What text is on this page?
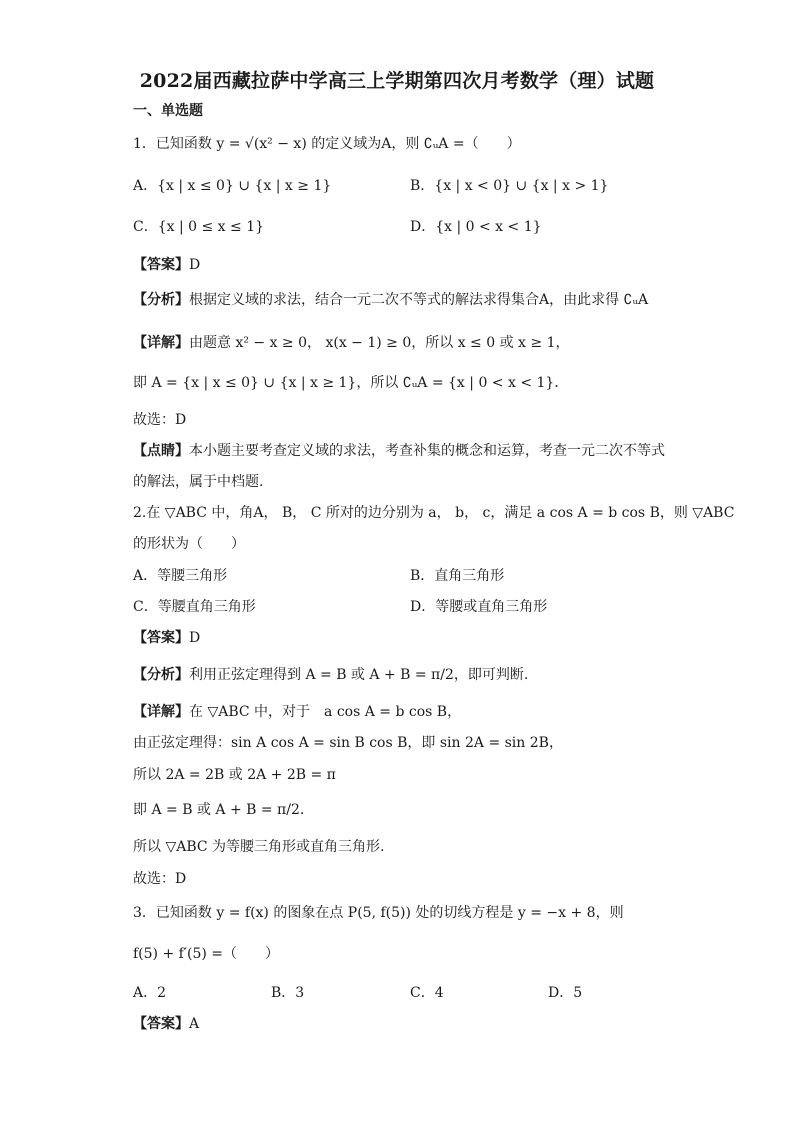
2022届西藏拉萨中学高三上学期第四次月考数学（理）试题
一、单选题
1．已知函数 y = √(x² − x) 的定义域为A，则 ∁ᵤA =（　　）
A．{x | x ≤ 0} ∪ {x | x ≥ 1}	B．{x | x < 0} ∪ {x | x > 1}
C．{x | 0 ≤ x ≤ 1}	D．{x | 0 < x < 1}
【答案】D
【分析】根据定义域的求法，结合一元二次不等式的解法求得集合A，由此求得 ∁ᵤA
【详解】由题意 x² − x ≥ 0， x(x − 1) ≥ 0，所以 x ≤ 0 或 x ≥ 1，
即 A = {x | x ≤ 0} ∪ {x | x ≥ 1}，所以 ∁ᵤA = {x | 0 < x < 1}．
故选：D
【点睛】本小题主要考查定义域的求法，考查补集的概念和运算，考查一元二次不等式
的解法，属于中档题.
2.在 ▽ABC 中，角A， B， C 所对的边分别为 a， b， c，满足 a cos A = b cos B，则 ▽ABC
的形状为（　　）
A．等腰三角形	B．直角三角形
C．等腰直角三角形	D．等腰或直角三角形
【答案】D
【分析】利用正弦定理得到 A = B 或 A + B = π/2，即可判断.
【详解】在 ▽ABC 中，对于　a cos A = b cos B，
由正弦定理得：sin A cos A = sin B cos B，即 sin 2A = sin 2B，
所以 2A = 2B 或 2A + 2B = π
即 A = B 或 A + B = π/2.
所以 ▽ABC 为等腰三角形或直角三角形.
故选：D
3．已知函数 y = f(x) 的图象在点 P(5, f(5)) 处的切线方程是 y = −x + 8，则
f(5) + f′(5) =（　　）
A．2	B．3	C．4	D．5
【答案】A
